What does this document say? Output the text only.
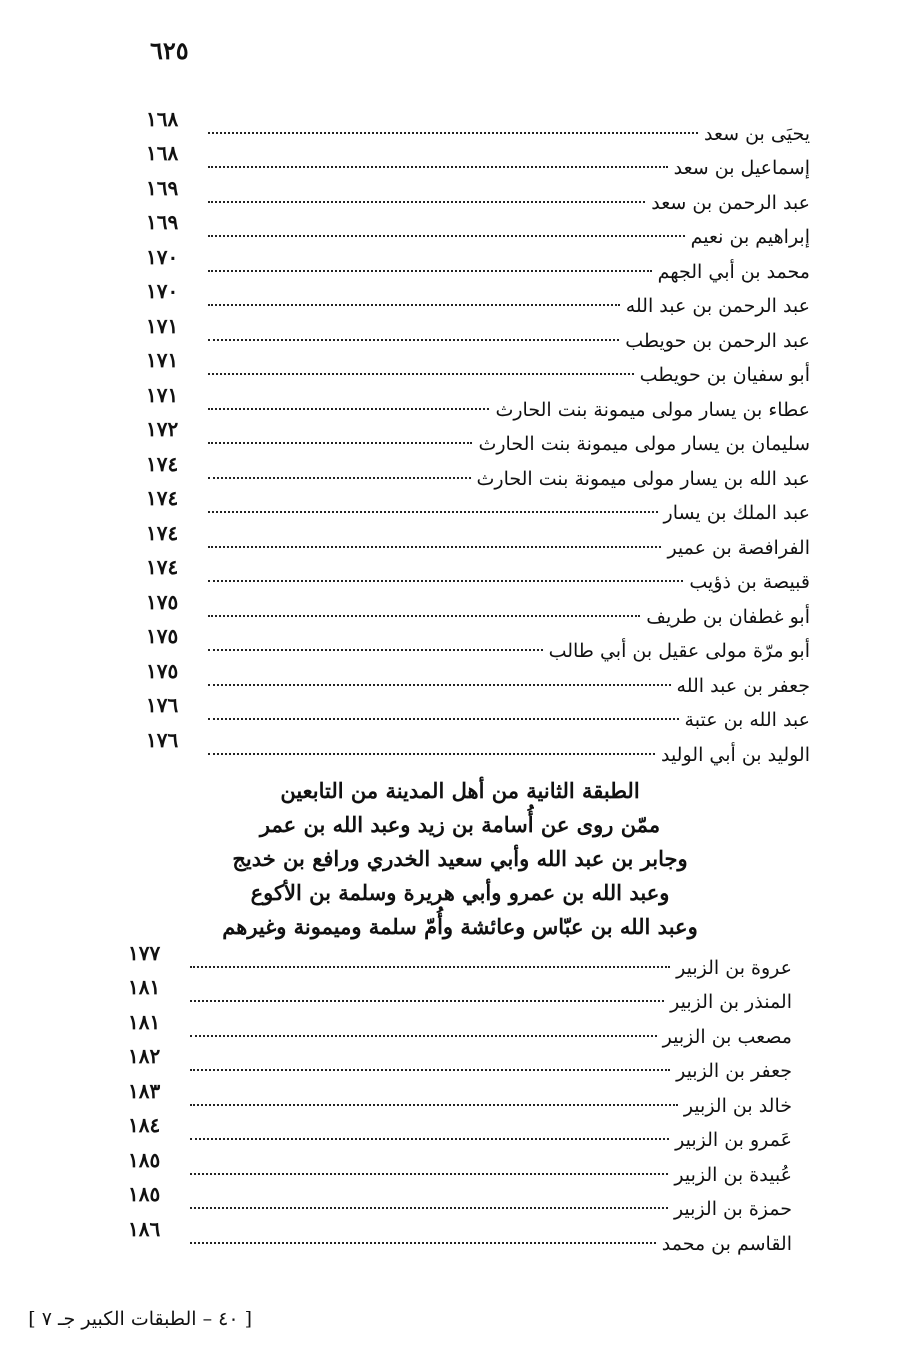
٦٢٥
يحيَى بن سعد
١٦٨
إسماعيل بن سعد
١٦٨
عبد الرحمن بن سعد
١٦٩
إبراهيم بن نعيم
١٦٩
محمد بن أبي الجهم
١٧٠
عبد الرحمن بن عبد الله
١٧٠
عبد الرحمن بن حويطب
١٧١
أبو سفيان بن حويطب
١٧١
عطاء بن يسار مولى ميمونة بنت الحارث
١٧١
سليمان بن يسار مولى ميمونة بنت الحارث
١٧٢
عبد الله بن يسار مولى ميمونة بنت الحارث
١٧٤
عبد الملك بن يسار
١٧٤
الفرافصة بن عمير
١٧٤
قبيصة بن ذؤيب
١٧٤
أبو غطفان بن طريف
١٧٥
أبو مرّة مولى عقيل بن أبي طالب
١٧٥
جعفر بن عبد الله
١٧٥
عبد الله بن عتبة
١٧٦
الوليد بن أبي الوليد
١٧٦
الطبقة الثانية من أهل المدينة من التابعين
ممّن روى عن أُسامة بن زيد وعبد الله بن عمر
وجابر بن عبد الله وأبي سعيد الخدري ورافع بن خديج
وعبد الله بن عمرو وأبي هريرة وسلمة بن الأكوع
وعبد الله بن عبّاس وعائشة وأُمّ سلمة وميمونة وغيرهم
عروة بن الزبير
١٧٧
المنذر بن الزبير
١٨١
مصعب بن الزبير
١٨١
جعفر بن الزبير
١٨٢
خالد بن الزبير
١٨٣
عَمرو بن الزبير
١٨٤
عُبيدة بن الزبير
١٨٥
حمزة بن الزبير
١٨٥
القاسم بن محمد
١٨٦
[ ٤٠ – الطبقات الكبير جـ ٧ ]
